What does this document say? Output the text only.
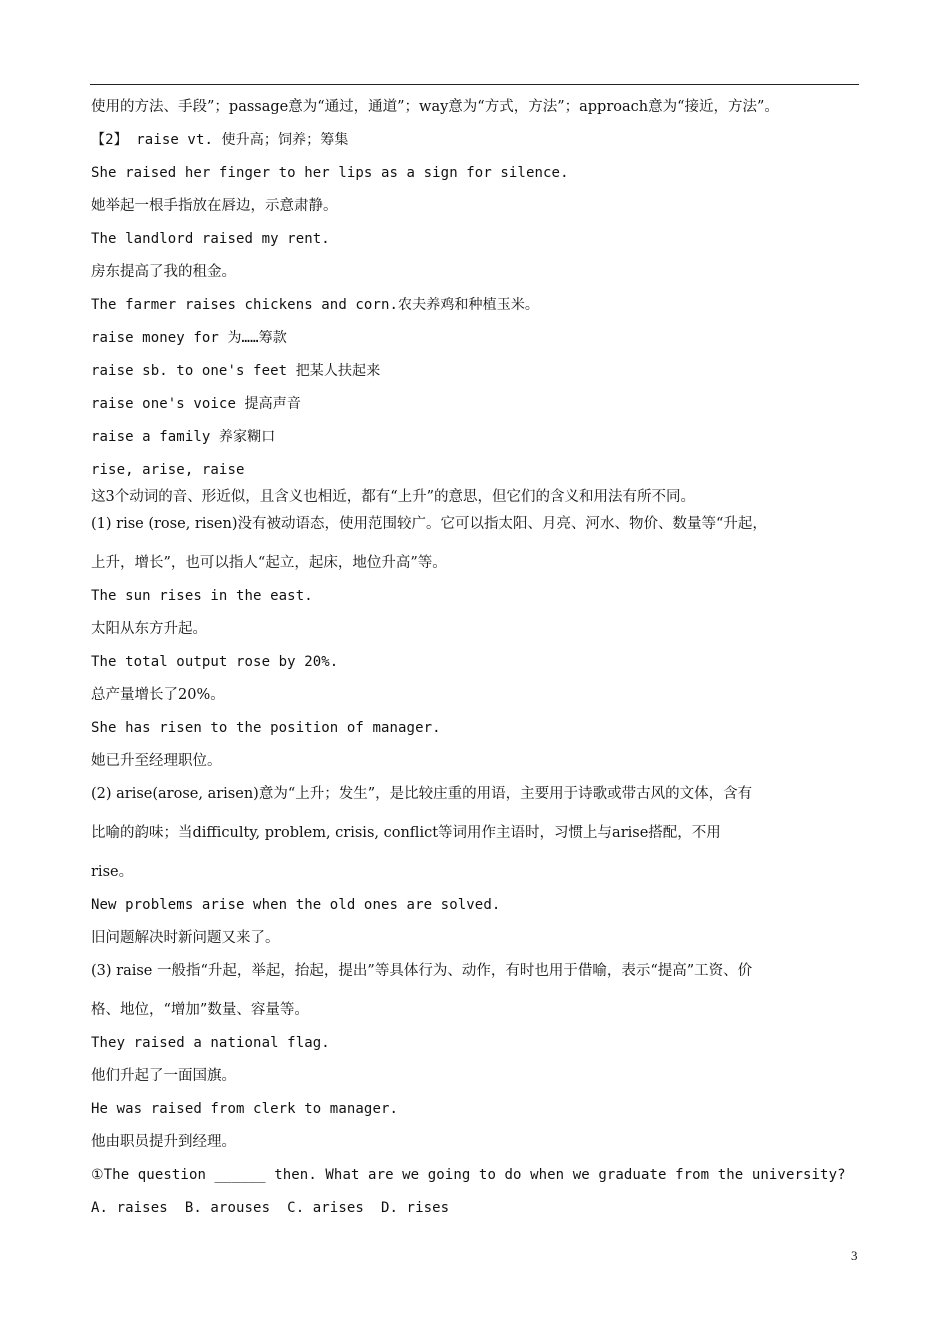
使用的方法、手段”；passage意为“通过，通道”；way意为“方式，方法”；approach意为“接近，方法”。
【2】 raise vt. 使升高；饲养；筹集
She raised her finger to her lips as a sign for silence.
她举起一根手指放在唇边，示意肃静。
The landlord raised my rent.
房东提高了我的租金。
The farmer raises chickens and corn.农夫养鸡和种植玉米。
raise money for 为……筹款
raise sb. to one's feet 把某人扶起来
raise one's voice 提高声音
raise a family 养家糊口
rise, arise, raise
这3个动词的音、形近似，且含义也相近，都有“上升”的意思，但它们的含义和用法有所不同。
(1) rise (rose, risen)没有被动语态，使用范围较广。它可以指太阳、月亮、河水、物价、数量等“升起，
上升，增长”，也可以指人“起立，起床，地位升高”等。
The sun rises in the east.
太阳从东方升起。
The total output rose by 20%.
总产量增长了20%。
She has risen to the position of manager.
她已升至经理职位。
(2) arise(arose, arisen)意为“上升；发生”，是比较庄重的用语，主要用于诗歌或带古风的文体，含有
比喻的韵味；当difficulty, problem, crisis, conflict等词用作主语时，习惯上与arise搭配，不用
rise。
New problems arise when the old ones are solved.
旧问题解决时新问题又来了。
(3) raise 一般指“升起，举起，抬起，提出”等具体行为、动作，有时也用于借喻，表示“提高”工资、价
格、地位，“增加”数量、容量等。
They raised a national flag.
他们升起了一面国旗。
He was raised from clerk to manager.
他由职员提升到经理。
①The question ______ then. What are we going to do when we graduate from the university?
A. raises  B. arouses  C. arises  D. rises
3
